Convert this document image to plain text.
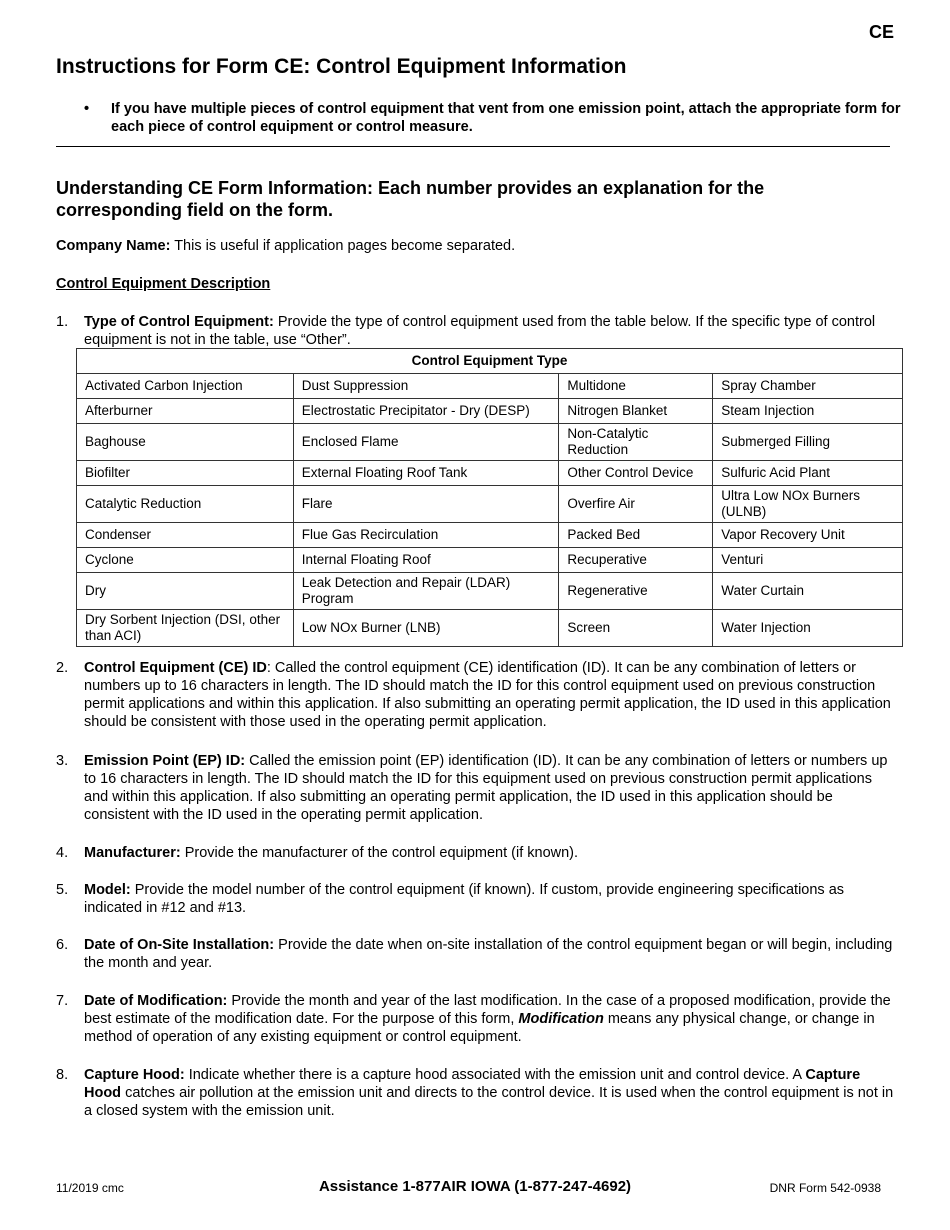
CE
Instructions for Form CE: Control Equipment Information
• If you have multiple pieces of control equipment that vent from one emission point, attach the appropriate form for each piece of control equipment or control measure.
Understanding CE Form Information: Each number provides an explanation for the corresponding field on the form.
Company Name: This is useful if application pages become separated.
Control Equipment Description
1. Type of Control Equipment: Provide the type of control equipment used from the table below. If the specific type of control equipment is not in the table, use “Other”.
Control Equipment Type			
Activated Carbon Injection	Dust Suppression	Multidone	Spray Chamber
Afterburner	Electrostatic Precipitator - Dry (DESP)	Nitrogen Blanket	Steam Injection
Baghouse	Enclosed Flame	Non-Catalytic Reduction	Submerged Filling
Biofilter	External Floating Roof Tank	Other Control Device	Sulfuric Acid Plant
Catalytic Reduction	Flare	Overfire Air	Ultra Low NOx Burners (ULNB)
Condenser	Flue Gas Recirculation	Packed Bed	Vapor Recovery Unit
Cyclone	Internal Floating Roof	Recuperative	Venturi
Dry	Leak Detection and Repair (LDAR) Program	Regenerative	Water Curtain
Dry Sorbent Injection (DSI, other than ACI)	Low NOx Burner (LNB)	Screen	Water Injection
2. Control Equipment (CE) ID: Called the control equipment (CE) identification (ID). It can be any combination of letters or numbers up to 16 characters in length. The ID should match the ID for this control equipment used on previous construction permit applications and within this application. If also submitting an operating permit application, the ID used in this application should be consistent with those used in the operating permit application.
3. Emission Point (EP) ID: Called the emission point (EP) identification (ID). It can be any combination of letters or numbers up to 16 characters in length. The ID should match the ID for this equipment used on previous construction permit applications and within this application. If also submitting an operating permit application, the ID used in this application should be consistent with the ID used in the operating permit application.
4. Manufacturer: Provide the manufacturer of the control equipment (if known).
5. Model: Provide the model number of the control equipment (if known). If custom, provide engineering specifications as indicated in #12 and #13.
6. Date of On-Site Installation: Provide the date when on-site installation of the control equipment began or will begin, including the month and year.
7. Date of Modification: Provide the month and year of the last modification. In the case of a proposed modification, provide the best estimate of the modification date. For the purpose of this form, Modification means any physical change, or change in method of operation of any existing equipment or control equipment.
8. Capture Hood: Indicate whether there is a capture hood associated with the emission unit and control device. A Capture Hood catches air pollution at the emission unit and directs to the control device. It is used when the control equipment is not in a closed system with the emission unit.
11/2019 cmc	Assistance 1-877AIR IOWA (1-877-247-4692)	DNR Form 542-0938
